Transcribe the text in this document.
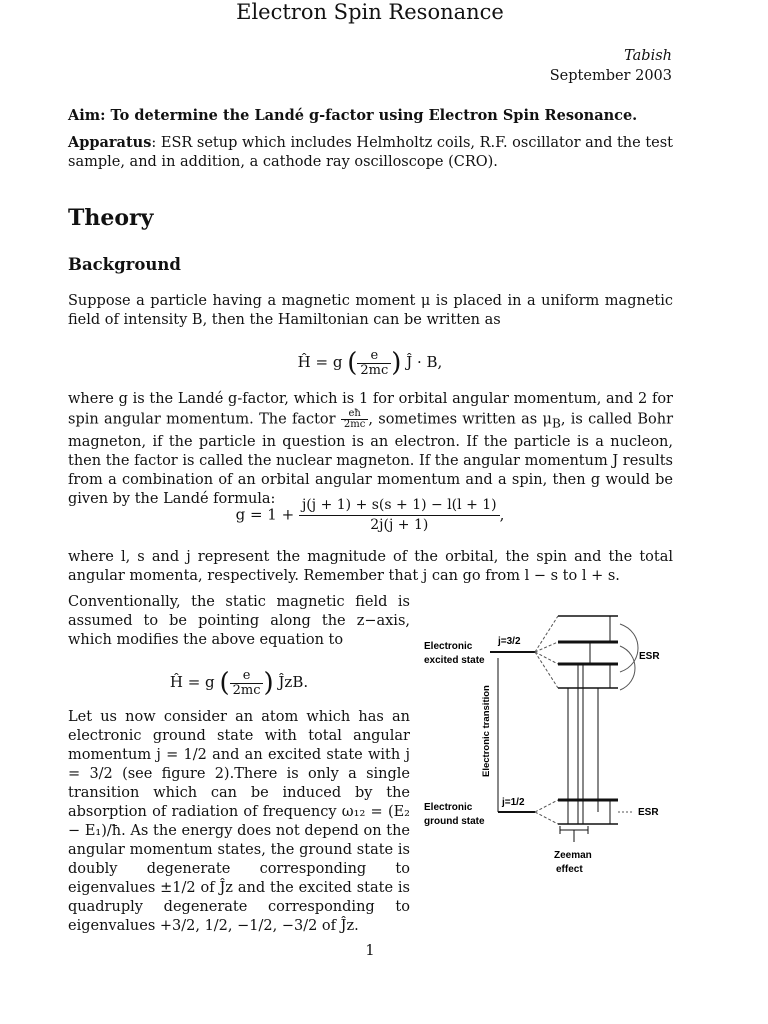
Electron Spin Resonance
Tabish
September 2003
Aim: To determine the Landé g-factor using Electron Spin Resonance.
Apparatus: ESR setup which includes Helmholtz coils, R.F. oscillator and the test sample, and in addition, a cathode ray oscilloscope (CRO).
Theory
Background
Suppose a particle having a magnetic moment μ is placed in a uniform magnetic field of intensity B, then the Hamiltonian can be written as
Ĥ = g ( $\frac{e}{2mc}$ ) Ĵ · B,
where g is the Landé g-factor, which is 1 for orbital angular momentum, and 2 for spin angular momentum. The factor $\frac{eħ}{2mc}$ , sometimes written as $\mu_B$, is called Bohr magneton, if the particle in question is an electron. If the particle is a nucleon, then the factor is called the nuclear magneton. If the angular momentum J results from a combination of an orbital angular momentum and a spin, then g would be given by the Landé formula:
$g = 1 + \frac{j(j + 1) + s(s + 1) - l(l + 1)}{2j(j + 1)}$ ,
where l, s and j represent the magnitude of the orbital, the spin and the total angular momenta, respectively. Remember that j can go from l − s to l + s.
Conventionally, the static magnetic field is assumed to be pointing along the z−axis, which modifies the above equation to
Ĥ = g ( $\frac{e}{2mc}$ ) ĴzB.
Let us now consider an atom which has an electronic ground state with total angular momentum j = 1/2 and an excited state with j = 3/2 (see figure 2).There is only a single transition which can be induced by the absorption of radiation of frequency ω₁₂ = (E₂ − E₁)/ħ. As the energy does not depend on the angular momentum states, the ground state is doubly degenerate corresponding to eigenvalues ±1/2 of Ĵz and the excited state is quadruply degenerate corresponding to eigenvalues +3/2, 1/2, −1/2, −3/2 of Ĵz.
Electronic
excited state
j=3/2
ESR
Electronic transition
Electronic
ground state
j=1/2
ESR
Zeeman
effect
1
